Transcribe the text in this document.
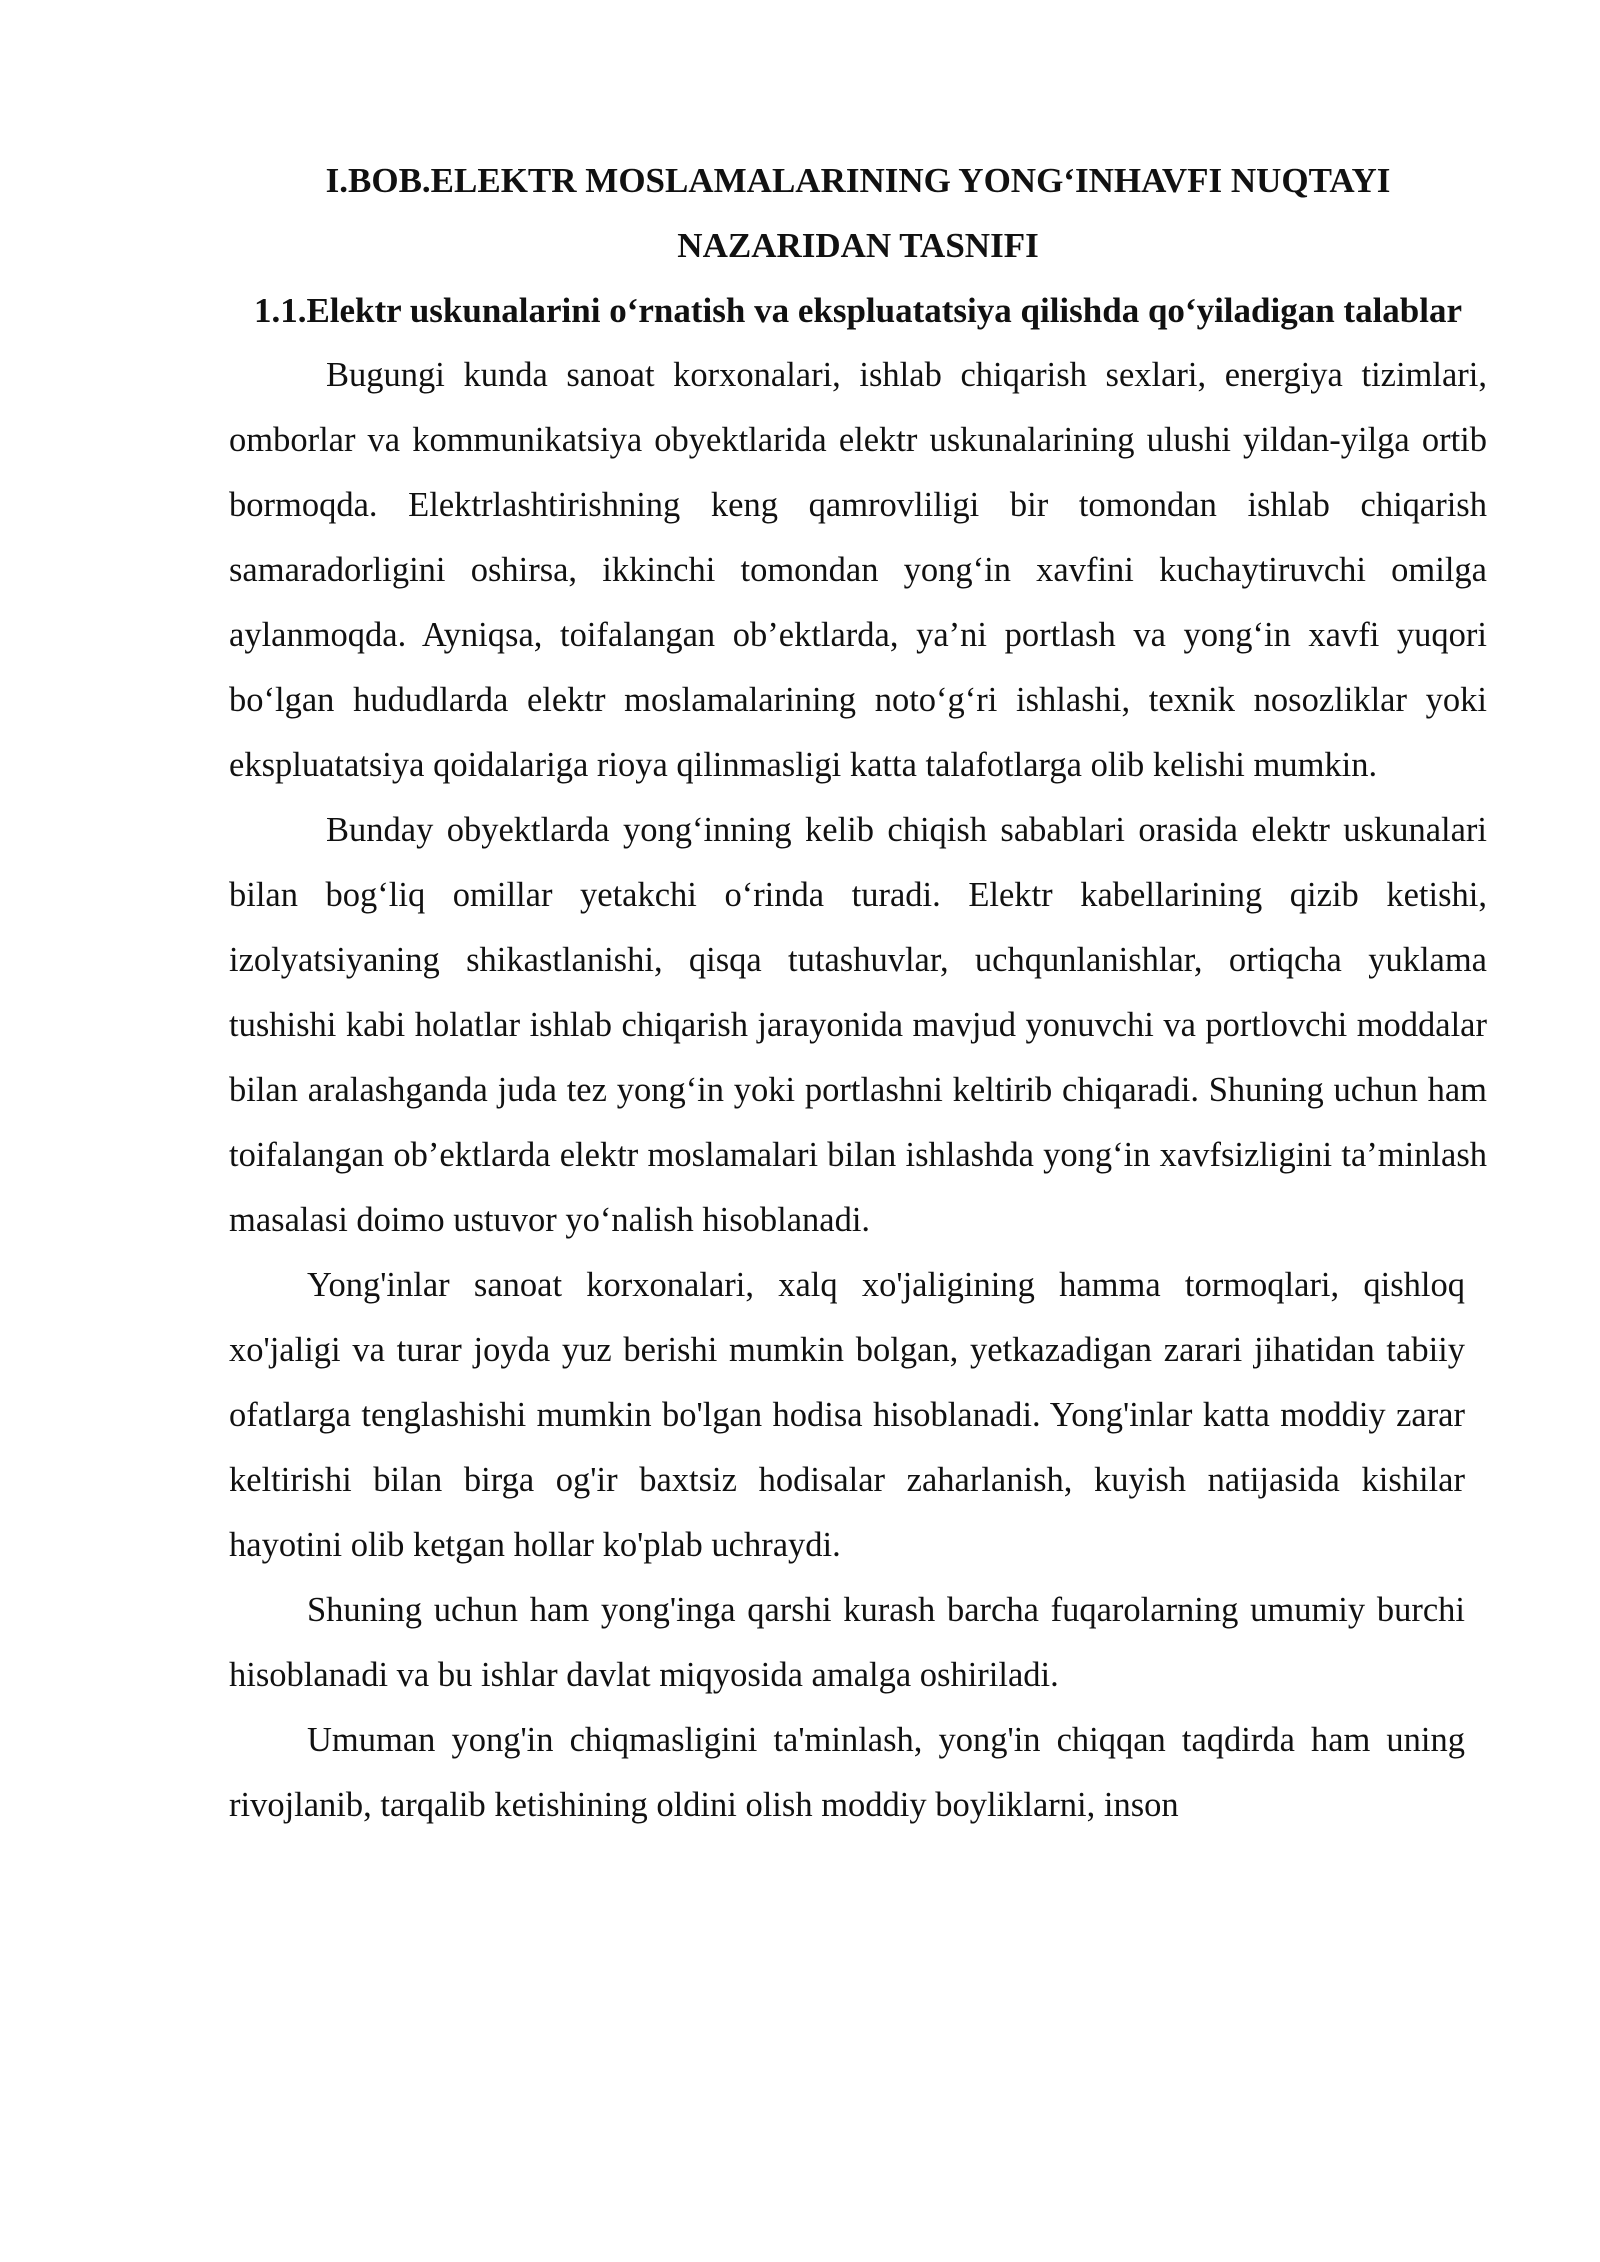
I.BOB.ELEKTR MOSLAMALARINING YONG‘INHAVFI NUQTAYI NAZARIDAN TASNIFI
1.1.Elektr uskunalarini o‘rnatish va ekspluatatsiya qilishda qo‘yiladigan talablar

Bugungi kunda sanoat korxonalari, ishlab chiqarish sexlari, energiya tizimlari, omborlar va kommunikatsiya obyektlarida elektr uskunalarining ulushi yildan-yilga ortib bormoqda. Elektrlashtirishning keng qamrovliligi bir tomondan ishlab chiqarish samaradorligini oshirsa, ikkinchi tomondan yong‘in xavfini kuchaytiruvchi omilga aylanmoqda. Ayniqsa, toifalangan ob’ektlarda, ya’ni portlash va yong‘in xavfi yuqori bo‘lgan hududlarda elektr moslamalarining noto‘g‘ri ishlashi, texnik nosozliklar yoki ekspluatatsiya qoidalariga rioya qilinmasligi katta talafotlarga olib kelishi mumkin.

Bunday obyektlarda yong‘inning kelib chiqish sabablari orasida elektr uskunalari bilan bog‘liq omillar yetakchi o‘rinda turadi. Elektr kabellarining qizib ketishi, izolyatsiyaning shikastlanishi, qisqa tutashuvlar, uchqunlanishlar, ortiqcha yuklama tushishi kabi holatlar ishlab chiqarish jarayonida mavjud yonuvchi va portlovchi moddalar bilan aralashganda juda tez yong‘in yoki portlashni keltirib chiqaradi. Shuning uchun ham toifalangan ob’ektlarda elektr moslamalari bilan ishlashda yong‘in xavfsizligini ta’minlash masalasi doimo ustuvor yo‘nalish hisoblanadi.

Yong'inlar sanoat korxonalari, xalq xo'jaligining hamma tormoqlari, qishloq xo'jaligi va turar joyda yuz berishi mumkin bolgan, yetkazadigan zarari jihatidan tabiiy ofatlarga tenglashishi mumkin bo'lgan hodisa hisoblanadi. Yong'inlar katta moddiy zarar keltirishi bilan birga og'ir baxtsiz hodisalar zaharlanish, kuyish natijasida kishilar hayotini olib ketgan hollar ko'plab uchraydi.

Shuning uchun ham yong'inga qarshi kurash barcha fuqarolarning umumiy burchi hisoblanadi va bu ishlar davlat miqyosida amalga oshiriladi.

Umuman yong'in chiqmasligini ta'minlash, yong'in chiqqan taqdirda ham uning rivojlanib, tarqalib ketishining oldini olish moddiy boyliklarni, inson
